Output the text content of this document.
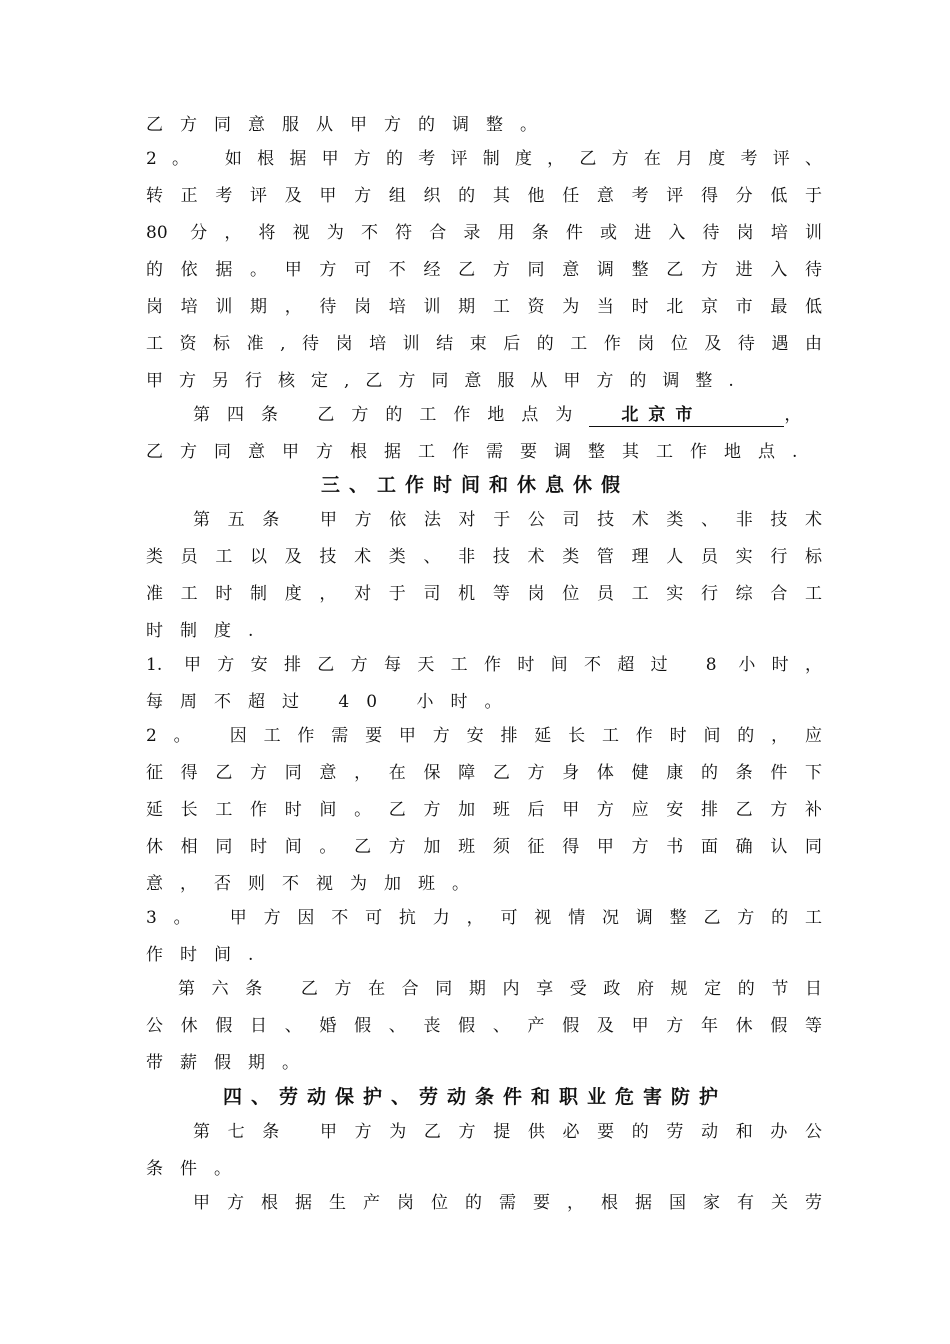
乙方同意服从甲方的调整。
2。 如根据甲方的考评制度，乙方在月度考评、
转正考评及甲方组织的其他任意考评得分低于
80 分，将视为不符合录用条件或进入待岗培训
的依据。甲方可不经乙方同意调整乙方进入待
岗培训期，待岗培训期工资为当时北京市最低
工资标准,待岗培训结束后的工作岗位及待遇由
甲方另行核定,乙方同意服从甲方的调整.
第四条 乙方的工作地点为 北京市	，
乙方同意甲方根据工作需要调整其工作地点.
三、工作时间和休息休假
第五条 甲方依法对于公司技术类、非技术
类员工以及技术类、非技术类管理人员实行标
准工时制度，对于司机等岗位员工实行综合工
时制度.
1. 甲方安排乙方每天工作时间不超过 8 小时，
每周不超过 40 小时。
2。 因工作需要甲方安排延长工作时间的，应
征得乙方同意，在保障乙方身体健康的条件下
延长工作时间。乙方加班后甲方应安排乙方补
休相同时间。乙方加班须征得甲方书面确认同
意，否则不视为加班。
3。 甲方因不可抗力，可视情况调整乙方的工
作时间.
第六条 乙方在合同期内享受政府规定的节日
公休假日、婚假、丧假、产假及甲方年休假等
带薪假期。
四、劳动保护、劳动条件和职业危害防护
第七条 甲方为乙方提供必要的劳动和办公
条件。
甲方根据生产岗位的需要，根据国家有关劳
